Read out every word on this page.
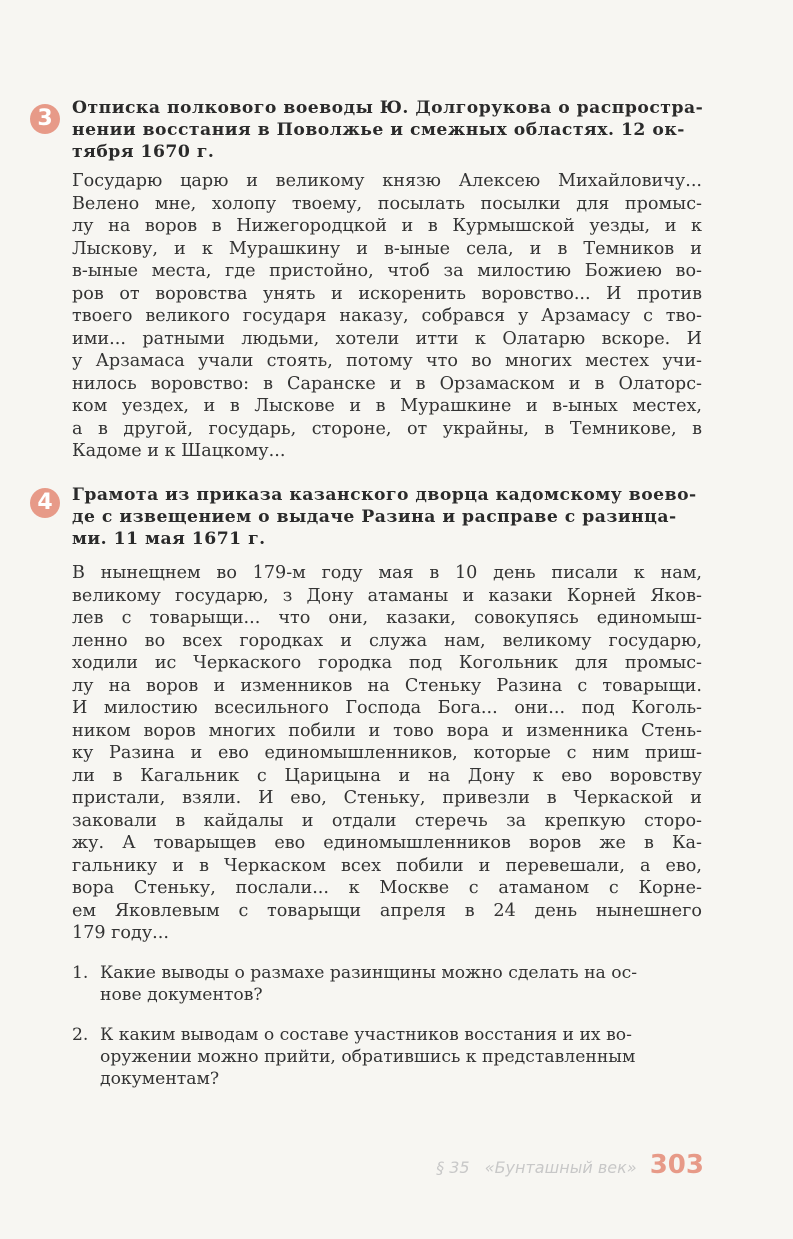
3	Отписка полкового воеводы Ю. Долгорукова о распростра-
нении восстания в Поволжье и смежных областях. 12 ок-
тября 1670 г.
Государю царю и великому князю Алексею Михайловичу...
Велено мне, холопу твоему, посылать посылки для промыс-
лу на воров в Нижегородцкой и в Курмышской уезды, и к
Лыскову, и к Мурашкину и в-ыные села, и в Темников и
в-ыные места, где пристойно, чтоб за милостию Божиею во-
ров от воровства унять и искоренить воровство... И против
твоего великого государя наказу, собрався у Арзамасу с тво-
ими... ратными людьми, хотели итти к Олатарю вскоре. И
у Арзамаса учали стоять, потому что во многих местех учи-
нилось воровство: в Саранске и в Орзамаском и в Олаторс-
ком уездех, и в Лыскове и в Мурашкине и в-ыных местех,
а в другой, государь, стороне, от украйны, в Темникове, в
Кадоме и к Шацкому...
4	Грамота из приказа казанского дворца кадомскому воево-
де с извещением о выдаче Разина и расправе с разинца-
ми. 11 мая 1671 г.
В нынещнем во 179-м году мая в 10 день писали к нам,
великому государю, з Дону атаманы и казаки Корней Яков-
лев с товарыщи... что они, казаки, совокупясь единомыш-
ленно во всех городках и служа нам, великому государю,
ходили ис Черкаского городка под Когольник для промыс-
лу на воров и изменников на Стеньку Разина с товарыщи.
И милостию всесильного Господа Бога... они... под Коголь-
ником воров многих побили и тово вора и изменника Стень-
ку Разина и ево единомышленников, которые с ним приш-
ли в Кагальник с Царицына и на Дону к ево воровству
пристали, взяли. И ево, Стеньку, привезли в Черкаской и
заковали в кайдалы и отдали стеречь за крепкую сторо-
жу. А товарыщев ево единомышленников воров же в Ка-
гальнику и в Черкаском всех побили и перевешали, а ево,
вора Стеньку, послали... к Москве с атаманом с Корне-
ем Яковлевым с товарыщи апреля в 24 день нынешнего
179 году...
1. Какие выводы о размахе разинщины можно сделать на ос-
нове документов?
2. К каким выводам о составе участников восстания и их во-
оружении можно прийти, обратившись к представленным
документам?
§ 35 «Бунташный век» 303
